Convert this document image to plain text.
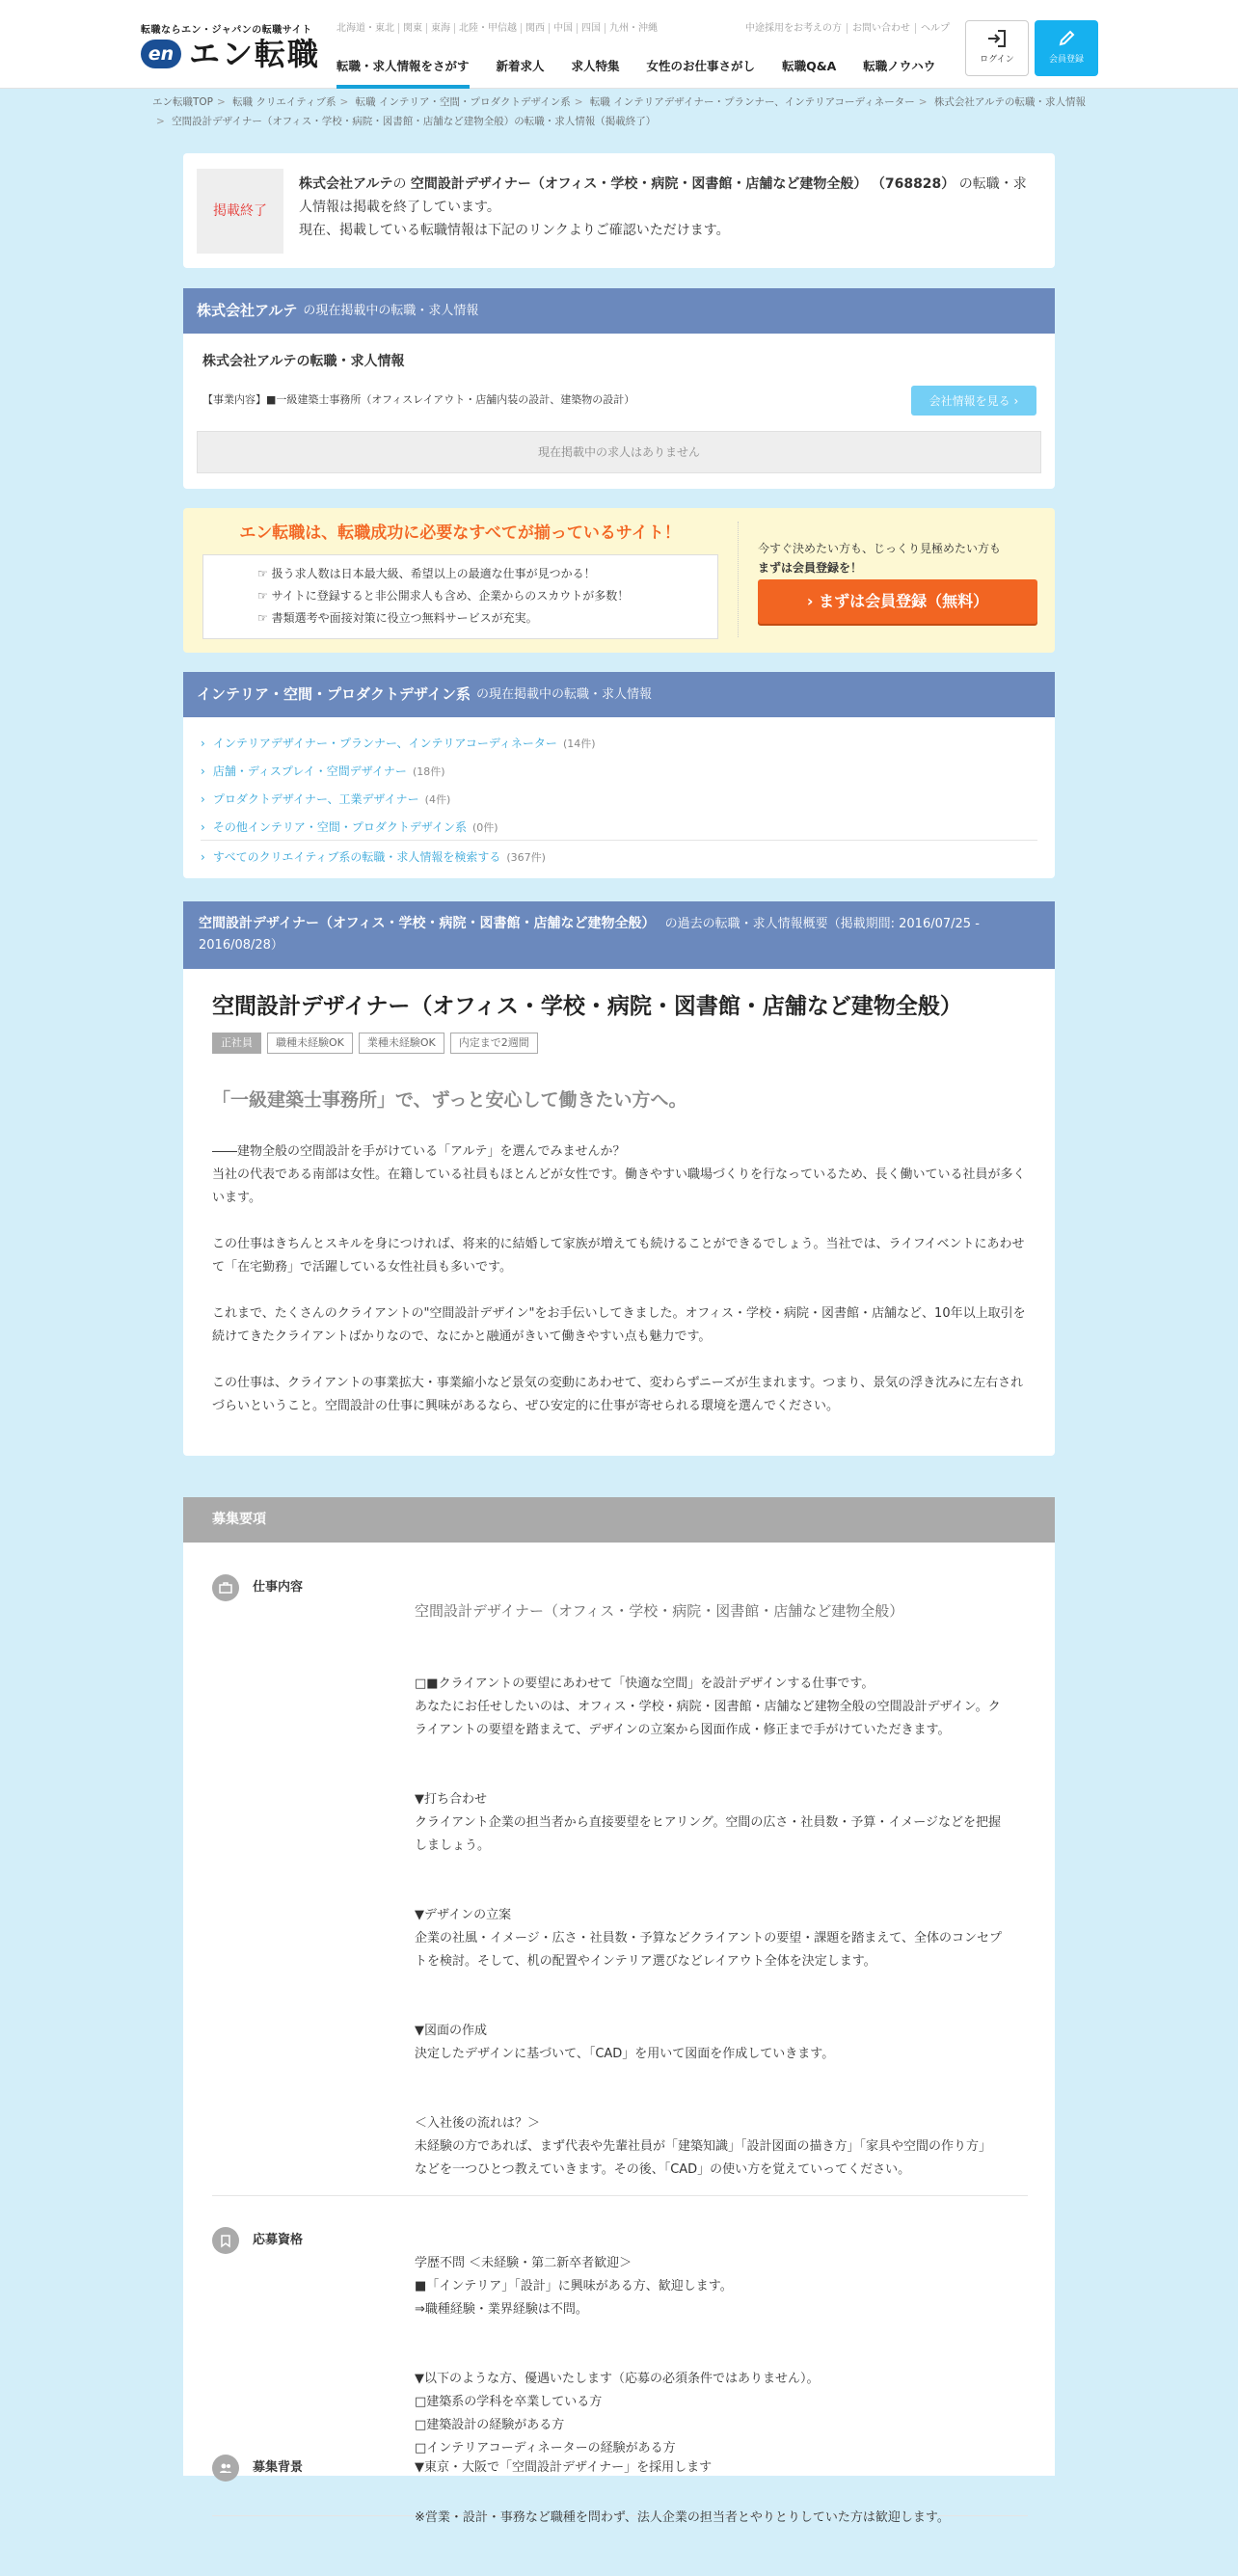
転職ならエン・ジャパンの転職サイト
en エン転職
北海道・東北 関東 東海 北陸・甲信越 関西 中国 四国 九州・沖縄	中途採用をお考えの方	お問い合わせ	ヘルプ
転職・求人情報をさがす 新着求人 求人特集 女性のお仕事さがし 転職Q&A 転職ノウハウ	ログイン	会員登録
エン転職TOP > 転職 クリエイティブ系 > 転職 インテリア・空間・プロダクトデザイン系 > 転職 インテリアデザイナー・プランナー、インテリアコーディネーター > 株式会社アルテの転職・求人情報> 空間設計デザイナー（オフィス・学校・病院・図書館・店舗など建物全般）の転職・求人情報（掲載終了）
掲載終了
株式会社アルテの 空間設計デザイナー（オフィス・学校・病院・図書館・店舗など建物全般） （768828） の転職・求人情報は掲載を終了しています。
現在、掲載している転職情報は下記のリンクよりご確認いただけます。
株式会社アルテ の現在掲載中の転職・求人情報
株式会社アルテの転職・求人情報
【事業内容】■一級建築士事務所（オフィスレイアウト・店舗内装の設計、建築物の設計）	会社情報を見る
›
現在掲載中の求人はありません
エン転職は、転職成功に必要なすべてが揃っているサイト！
☞ 扱う求人数は日本最大級、希望以上の最適な仕事が見つかる！
☞ サイトに登録すると非公開求人も含め、企業からのスカウトが多数！
☞ 書類選考や面接対策に役立つ無料サービスが充実。
今すぐ決めたい方も、じっくり見極めたい方も
まずは会員登録を！
› まずは会員登録（無料）
インテリア・空間・プロダクトデザイン系 の現在掲載中の転職・求人情報
› インテリアデザイナー・プランナー、インテリアコーディネーター (14件)
› 店舗・ディスプレイ・空間デザイナー (18件)
› プロダクトデザイナー、工業デザイナー (4件)
› その他インテリア・空間・プロダクトデザイン系 (0件)
› すべてのクリエイティブ系の転職・求人情報を検索する (367件)
空間設計デザイナー（オフィス・学校・病院・図書館・店舗など建物全般） の過去の転職・求人情報概要（掲載期間: 2016/07/25 - 2016/08/28）
空間設計デザイナー（オフィス・学校・病院・図書館・店舗など建物全般）
正社員	職種未経験OK	業種未経験OK	内定まで2週間
「一級建築士事務所」で、ずっと安心して働きたい方へ。

――建物全般の空間設計を手がけている「アルテ」を選んでみませんか？
当社の代表である南部は女性。在籍している社員もほとんどが女性です。働きやすい職場づくりを行なっているため、長く働いている社員が多くいます。

この仕事はきちんとスキルを身につければ、将来的に結婚して家族が増えても続けることができるでしょう。当社では、ライフイベントにあわせて「在宅勤務」で活躍している女性社員も多いです。

これまで、たくさんのクライアントの"空間設計デザイン"をお手伝いしてきました。オフィス・学校・病院・図書館・店舗など、10年以上取引を続けてきたクライアントばかりなので、なにかと融通がきいて働きやすい点も魅力です。

この仕事は、クライアントの事業拡大・事業縮小など景気の変動にあわせて、変わらずニーズが生まれます。つまり、景気の浮き沈みに左右されづらいということ。空間設計の仕事に興味があるなら、ぜひ安定的に仕事が寄せられる環境を選んでください。

募集要項
仕事内容

空間設計デザイナー（オフィス・学校・病院・図書館・店舗など建物全般）

□■クライアントの要望にあわせて「快適な空間」を設計デザインする仕事です。
あなたにお任せしたいのは、オフィス・学校・病院・図書館・店舗など建物全般の空間設計デザイン。クライアントの要望を踏まえて、デザインの立案から図面作成・修正まで手がけていただきます。

▼打ち合わせ
クライアント企業の担当者から直接要望をヒアリング。空間の広さ・社員数・予算・イメージなどを把握しましょう。

▼デザインの立案
企業の社風・イメージ・広さ・社員数・予算などクライアントの要望・課題を踏まえて、全体のコンセプトを検討。そして、机の配置やインテリア選びなどレイアウト全体を決定します。

▼図面の作成
決定したデザインに基づいて、「CAD」を用いて図面を作成していきます。

＜入社後の流れは？＞
未経験の方であれば、まず代表や先輩社員が「建築知識」「設計図面の描き方」「家具や空間の作り方」などを一つひとつ教えていきます。その後、「CAD」の使い方を覚えていってください。

応募資格

学歴不問 ＜未経験・第二新卒者歓迎＞
■「インテリア」「設計」に興味がある方、歓迎します。
⇒職種経験・業界経験は不問。

▼以下のような方、優遇いたします（応募の必須条件ではありません）。
□建築系の学科を卒業している方
□建築設計の経験がある方
□インテリアコーディネーターの経験がある方

※営業・設計・事務など職種を問わず、法人企業の担当者とやりとりしていた方は歓迎します。

募集背景	▼東京・大阪で「空間設計デザイナー」を採用します
